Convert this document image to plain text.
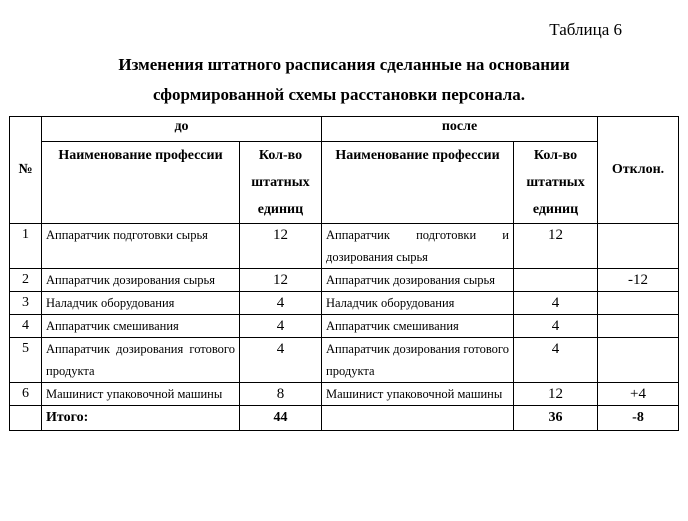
Таблица 6
Изменения штатного расписания сделанные на основании

сформированной схемы расстановки персонала.
№	до		после		Отклон.
	Наименование профессии	Кол-во штатных единиц	Наименование профессии	Кол-во штатных единиц	
1	Аппаратчик подготовки сырья	12	Аппаратчик подготовки и дозирования сырья	12	
2	Аппаратчик дозирования сырья	12	Аппаратчик дозирования сырья		-12
3	Наладчик оборудования	4	Наладчик оборудования	4	
4	Аппаратчик смешивания	4	Аппаратчик смешивания	4	
5	Аппаратчик дозирования готового продукта	4	Аппаратчик дозирования готового продукта	4	
6	Машинист упаковочной машины	8	Машинист упаковочной машины	12	+4
	Итого:	44		36	-8
